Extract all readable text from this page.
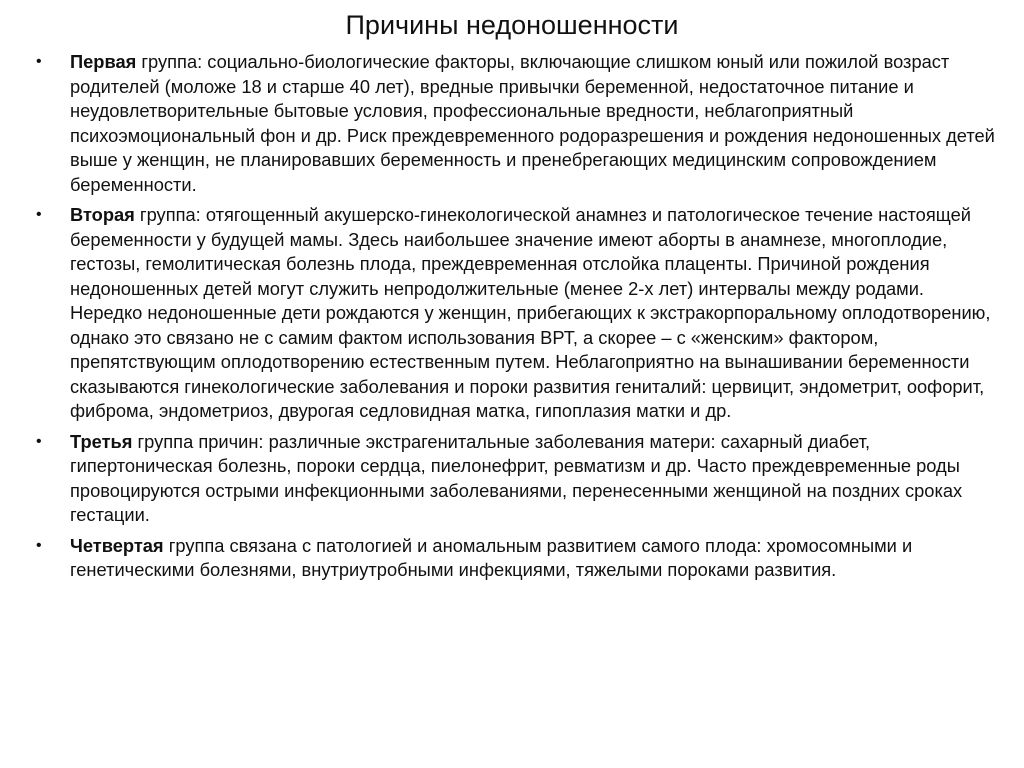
Причины недоношенности
• Первая группа: социально-биологические факторы, включающие слишком юный или пожилой возраст родителей (моложе 18 и старше 40 лет), вредные привычки беременной, недостаточное питание и неудовлетворительные бытовые условия, профессиональные вредности, неблагоприятный психоэмоциональный фон и др. Риск преждевременного родоразрешения и рождения недоношенных детей выше у женщин, не планировавших беременность и пренебрегающих медицинским сопровождением беременности.
• Вторая группа: отягощенный акушерско-гинекологической анамнез и патологическое течение настоящей беременности у будущей мамы. Здесь наибольшее значение имеют аборты в анамнезе, многоплодие, гестозы, гемолитическая болезнь плода, преждевременная отслойка плаценты. Причиной рождения недоношенных детей могут служить непродолжительные (менее 2-х лет) интервалы между родами. Нередко недоношенные дети рождаются у женщин, прибегающих к экстракорпоральному оплодотворению, однако это связано не с самим фактом использования ВРТ, а скорее – с «женским» фактором, препятствующим оплодотворению естественным путем. Неблагоприятно на вынашивании беременности сказываются гинекологические заболевания и пороки развития гениталий: цервицит, эндометрит, оофорит, фиброма, эндометриоз, двурогая седловидная матка, гипоплазия матки и др.
• Третья группа причин: различные экстрагенитальные заболевания матери: сахарный диабет, гипертоническая болезнь, пороки сердца, пиелонефрит, ревматизм и др. Часто преждевременные роды провоцируются острыми инфекционными заболеваниями, перенесенными женщиной на поздних сроках гестации.
• Четвертая группа связана с патологией и аномальным развитием самого плода: хромосомными и генетическими болезнями, внутриутробными инфекциями, тяжелыми пороками развития.
